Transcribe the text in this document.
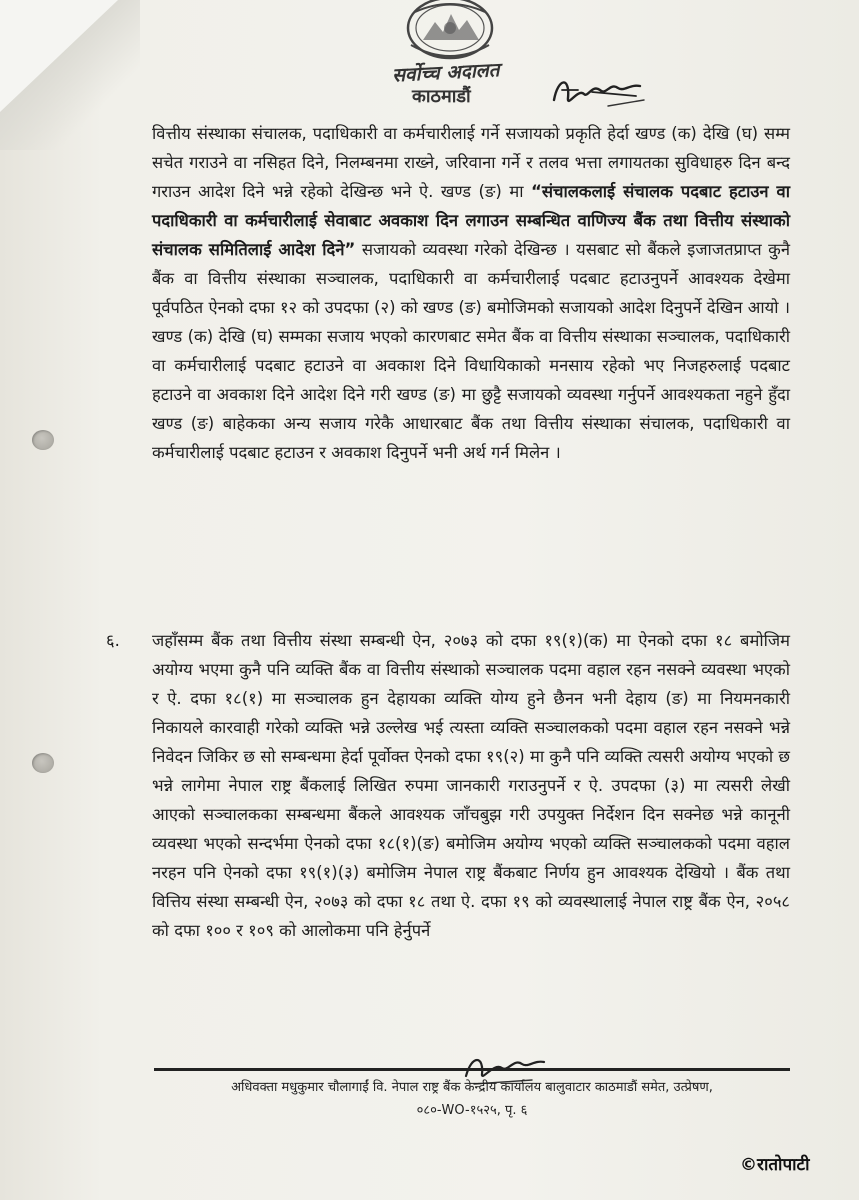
सर्वोच्च अदालत
काठमाडौं

वित्तीय संस्थाका संचालक, पदाधिकारी वा कर्मचारीलाई गर्ने सजायको प्रकृति हेर्दा खण्ड (क) देखि (घ) सम्म सचेत गराउने वा नसिहत दिने, निलम्बनमा राख्ने, जरिवाना गर्ने र तलव भत्ता लगायतका सुविधाहरु दिन बन्द गराउन आदेश दिने भन्ने रहेको देखिन्छ भने ऐ. खण्ड (ङ) मा “संचालकलाई संचालक पदबाट हटाउन वा पदाधिकारी वा कर्मचारीलाई सेवाबाट अवकाश दिन लगाउन सम्बन्धित वाणिज्य बैंक तथा वित्तीय संस्थाको संचालक समितिलाई आदेश दिने” सजायको व्यवस्था गरेको देखिन्छ । यसबाट सो बैंकले इजाजतप्राप्त कुनै बैंक वा वित्तीय संस्थाका सञ्चालक, पदाधिकारी वा कर्मचारीलाई पदबाट हटाउनुपर्ने आवश्यक देखेमा पूर्वपठित ऐनको दफा १२ को उपदफा (२) को खण्ड (ङ) बमोजिमको सजायको आदेश दिनुपर्ने देखिन आयो । खण्ड (क) देखि (घ) सम्मका सजाय भएको कारणबाट समेत बैंक वा वित्तीय संस्थाका सञ्चालक, पदाधिकारी वा कर्मचारीलाई पदबाट हटाउने वा अवकाश दिने विधायिकाको मनसाय रहेको भए निजहरुलाई पदबाट हटाउने वा अवकाश दिने आदेश दिने गरी खण्ड (ङ) मा छुट्टै सजायको व्यवस्था गर्नुपर्ने आवश्यकता नहुने हुँदा खण्ड (ङ) बाहेकका अन्य सजाय गरेकै आधारबाट बैंक तथा वित्तीय संस्थाका संचालक, पदाधिकारी वा कर्मचारीलाई पदबाट हटाउन र अवकाश दिनुपर्ने भनी अर्थ गर्न मिलेन ।

६. जहाँसम्म बैंक तथा वित्तीय संस्था सम्बन्धी ऐन, २०७३ को दफा १९(१)(क) मा ऐनको दफा १८ बमोजिम अयोग्य भएमा कुनै पनि व्यक्ति बैंक वा वित्तीय संस्थाको सञ्चालक पदमा वहाल रहन नसक्ने व्यवस्था भएको र ऐ. दफा १८(१) मा सञ्चालक हुन देहायका व्यक्ति योग्य हुने छैनन भनी देहाय (ङ) मा नियमनकारी निकायले कारवाही गरेको व्यक्ति भन्ने उल्लेख भई त्यस्ता व्यक्ति सञ्चालकको पदमा वहाल रहन नसक्ने भन्ने निवेदन जिकिर छ सो सम्बन्धमा हेर्दा पूर्वोक्त ऐनको दफा १९(२) मा कुनै पनि व्यक्ति त्यसरी अयोग्य भएको छ भन्ने लागेमा नेपाल राष्ट्र बैंकलाई लिखित रुपमा जानकारी गराउनुपर्ने र ऐ. उपदफा (३) मा त्यसरी लेखी आएको सञ्चालकका सम्बन्धमा बैंकले आवश्यक जाँचबुझ गरी उपयुक्त निर्देशन दिन सक्नेछ भन्ने कानूनी व्यवस्था भएको सन्दर्भमा ऐनको दफा १८(१)(ङ) बमोजिम अयोग्य भएको व्यक्ति सञ्चालकको पदमा वहाल नरहन पनि ऐनको दफा १९(१)(३) बमोजिम नेपाल राष्ट्र बैंकबाट निर्णय हुन आवश्यक देखियो । बैंक तथा वित्तिय संस्था सम्बन्धी ऐन, २०७३ को दफा १८ तथा ऐ. दफा १९ को व्यवस्थालाई नेपाल राष्ट्र बैंक ऐन, २०५८ को दफा १०० र १०९ को आलोकमा पनि हेर्नुपर्ने

अधिवक्ता मधुकुमार चौलागाईं वि. नेपाल राष्ट्र बैंक केन्द्रीय कार्यालय बालुवाटार काठमाडौं समेत, उत्प्रेषण,
०८०-WO-१५२५, पृ. ६
©रातोपाटी
